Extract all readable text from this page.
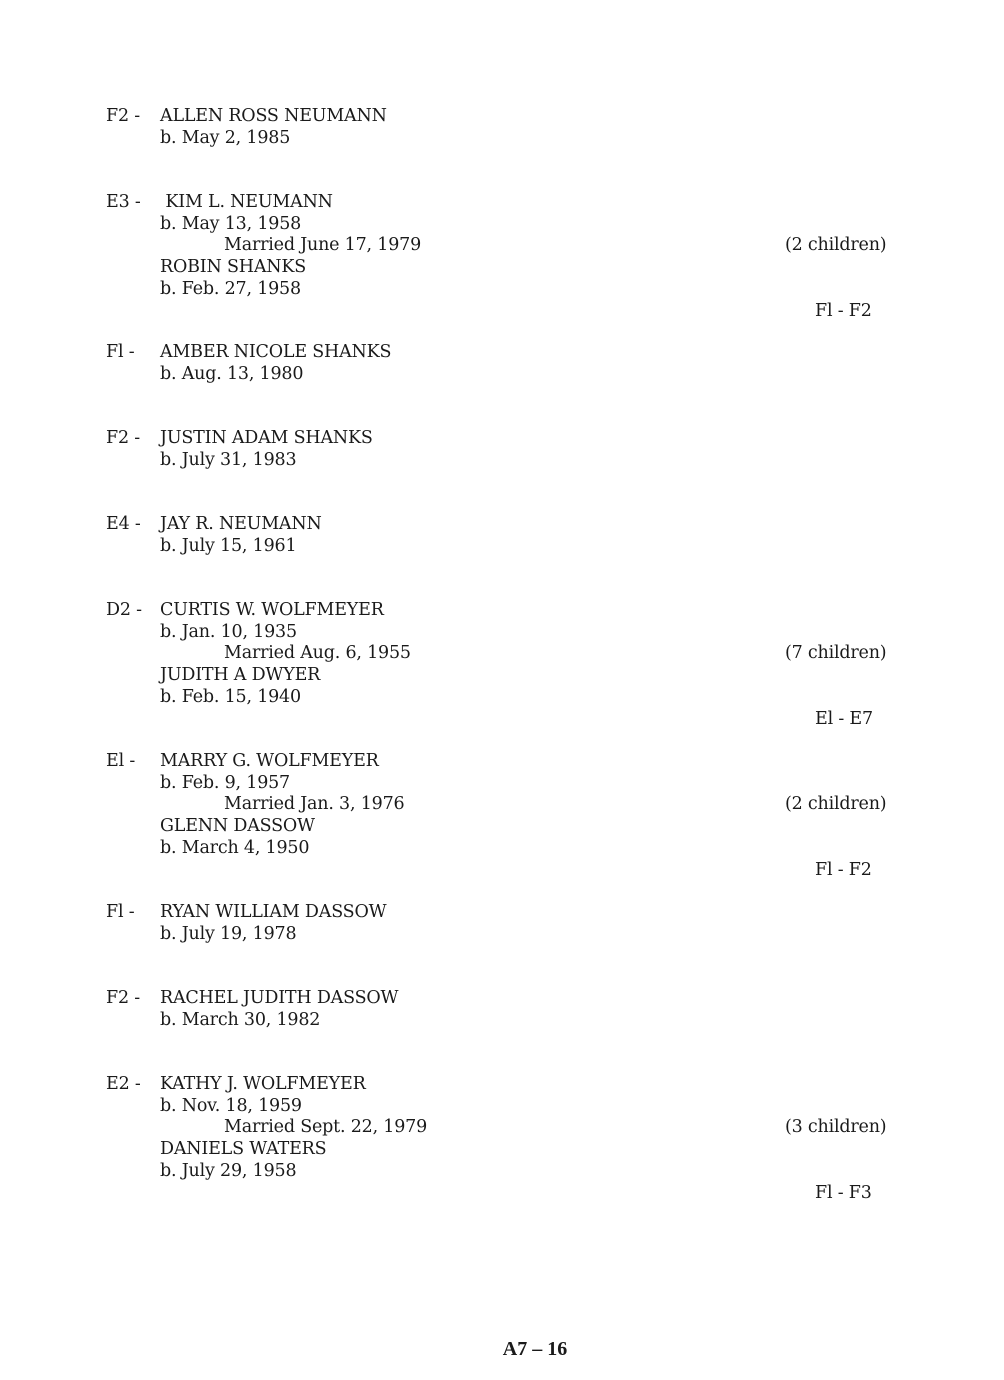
F2 - ALLEN ROSS NEUMANN
b. May 2, 1985
E3 - KIM L. NEUMANN
b. May 13, 1958
Married June 17, 1979
ROBIN SHANKS
b. Feb. 27, 1958

(2 children)

Fl - F2

Fl - AMBER NICOLE SHANKS
b. Aug. 13, 1980
F2 - JUSTIN ADAM SHANKS
b. July 31, 1983
E4 - JAY R. NEUMANN
b. July 15, 1961
D2 - CURTIS W. WOLFMEYER
b. Jan. 10, 1935
Married Aug. 6, 1955
JUDITH A DWYER
b. Feb. 15, 1940

(7 children)

El - E7

El - MARRY G. WOLFMEYER
b. Feb. 9, 1957
Married Jan. 3, 1976
GLENN DASSOW
b. March 4, 1950

(2 children)

Fl - F2

Fl - RYAN WILLIAM DASSOW
b. July 19, 1978
F2 - RACHEL JUDITH DASSOW
b. March 30, 1982
E2 - KATHY J. WOLFMEYER
b. Nov. 18, 1959
Married Sept. 22, 1979
DANIELS WATERS
b. July 29, 1958

(3 children)

Fl - F3

A7 – 16
